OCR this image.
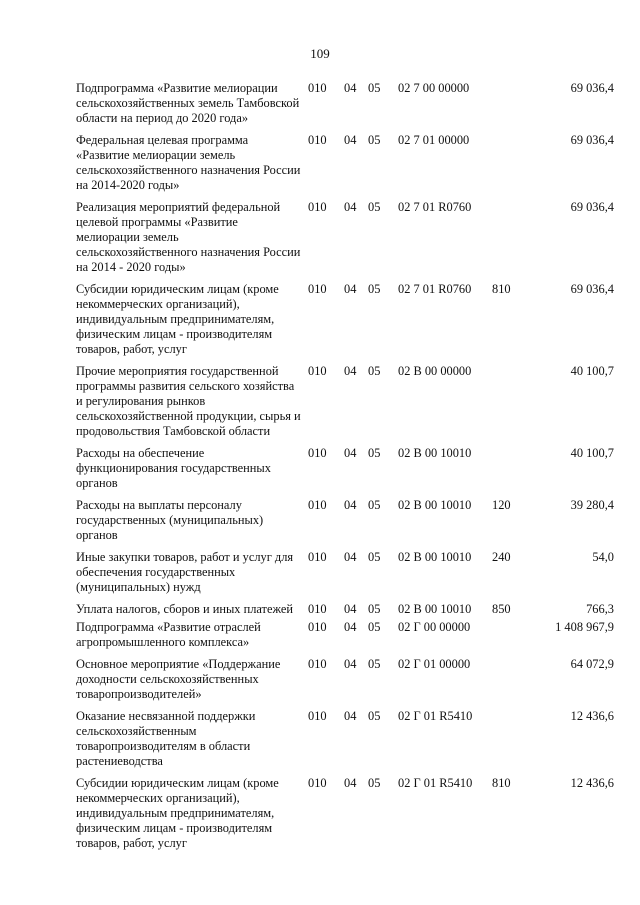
109
Подпрограмма «Развитие мелиорации сельскохозяйственных земель Тамбовской области на период до 2020 года»
010	04 05	02 7 00 00000	69 036,4
Федеральная целевая программа «Развитие мелиорации земель сельскохозяйственного назначения России на 2014-2020 годы»
010	04 05	02 7 01 00000	69 036,4
Реализация мероприятий федеральной целевой программы «Развитие мелиорации земель сельскохозяйственного назначения России на 2014 - 2020 годы»
010	04 05	02 7 01 R0760	69 036,4
Субсидии юридическим лицам (кроме некоммерческих организаций), индивидуальным предпринимателям, физическим лицам - производителям товаров, работ, услуг
010	04 05	02 7 01 R0760	810	69 036,4
Прочие мероприятия государственной программы развития сельского хозяйства и регулирования рынков сельскохозяйственной продукции, сырья и продовольствия Тамбовской области
010	04 05	02 В 00 00000	40 100,7
Расходы на обеспечение функционирования государственных органов
010	04 05	02 В 00 10010	40 100,7
Расходы на выплаты персоналу государственных (муниципальных) органов
010	04 05	02 В 00 10010	120	39 280,4
Иные закупки товаров, работ и услуг для обеспечения государственных (муниципальных) нужд
010	04 05	02 В 00 10010	240	54,0
Уплата налогов, сборов и иных платежей	010	04 05	02 В 00 10010	850	766,3
Подпрограмма «Развитие отраслей агропромышленного комплекса»
010	04 05	02 Г 00 00000	1 408 967,9
Основное мероприятие «Поддержание доходности сельскохозяйственных товаропроизводителей»
010	04 05	02 Г 01 00000	64 072,9
Оказание несвязанной поддержки сельскохозяйственным товаропроизводителям в области растениеводства
010	04 05	02 Г 01 R5410	12 436,6
Субсидии юридическим лицам (кроме некоммерческих организаций), индивидуальным предпринимателям, физическим лицам - производителям товаров, работ, услуг
010	04 05	02 Г 01 R5410	810	12 436,6
